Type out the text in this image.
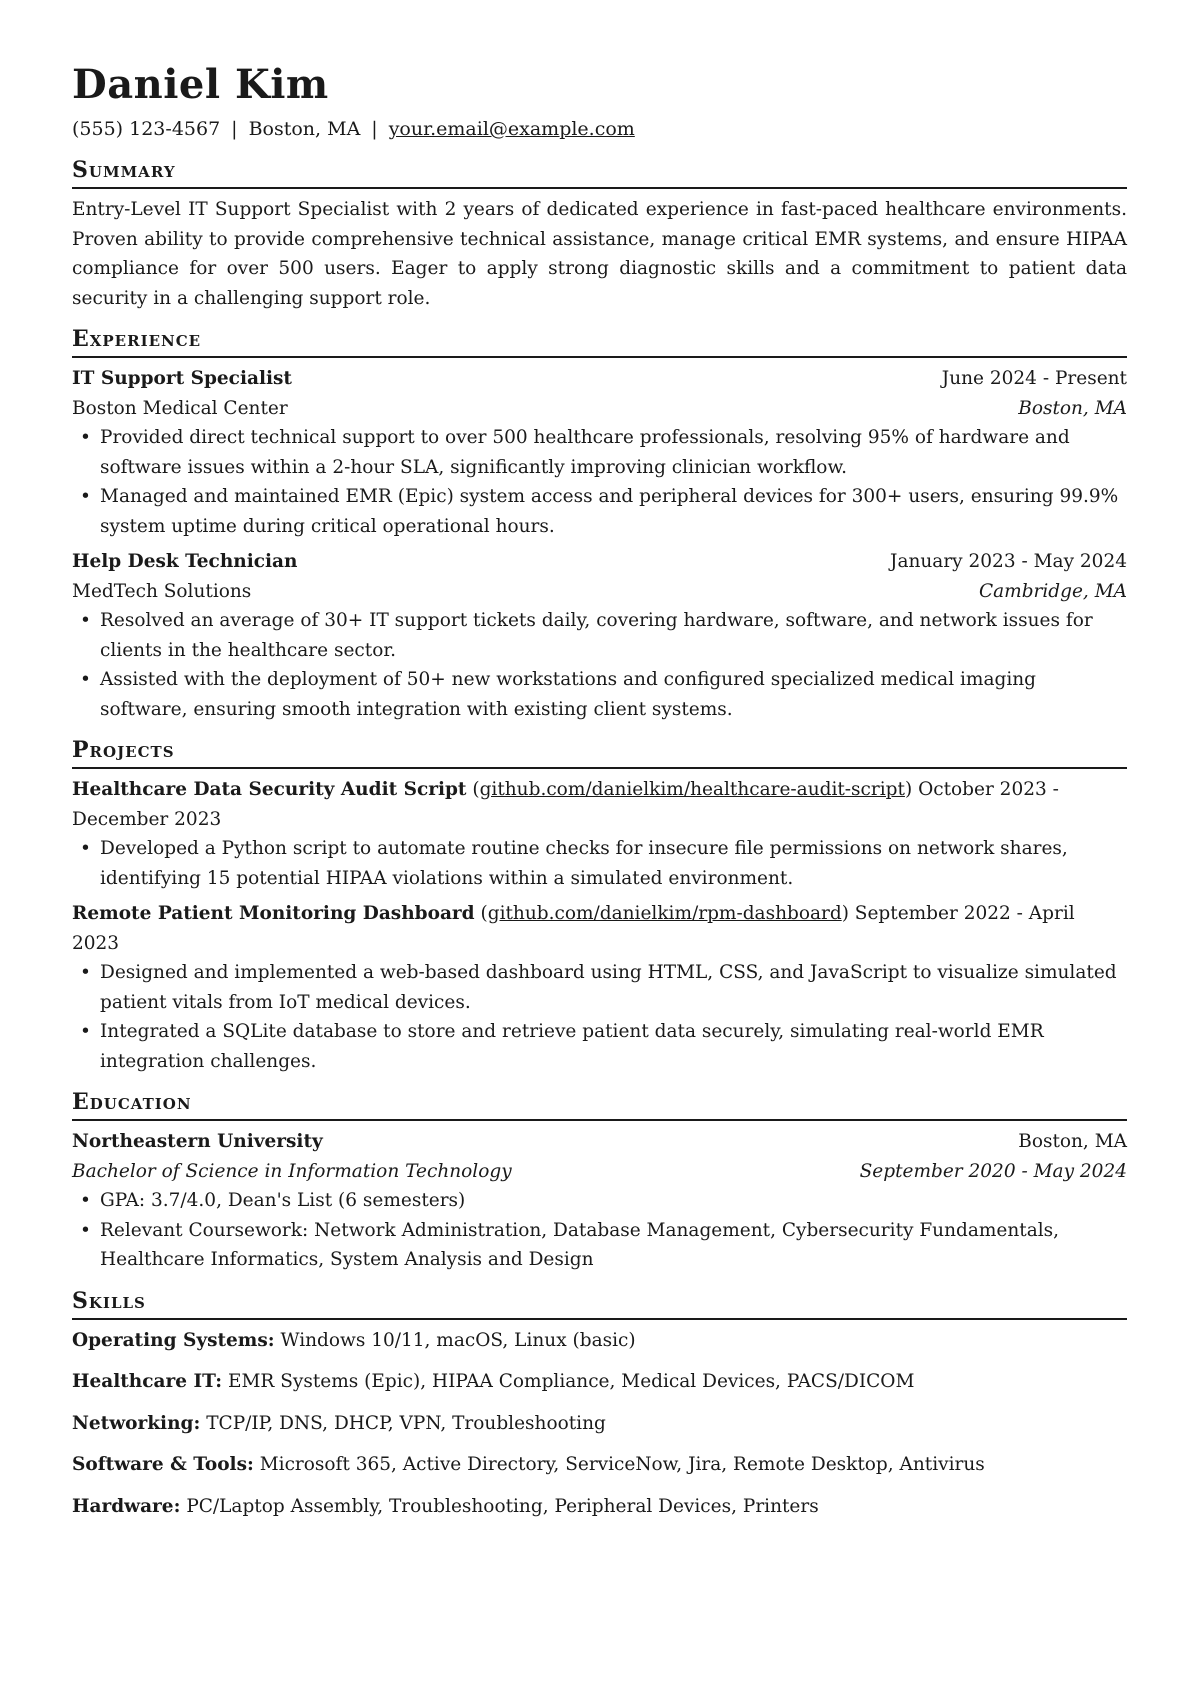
Daniel Kim
(555) 123-4567 | Boston, MA | your.email@example.com
Summary

Entry-Level IT Support Specialist with 2 years of dedicated experience in fast-paced healthcare environments. Proven ability to provide comprehensive technical assistance, manage critical EMR systems, and ensure HIPAA compliance for over 500 users. Eager to apply strong diagnostic skills and a commitment to patient data security in a challenging support role.

Experience
IT Support Specialist	June 2024 - Present
Boston Medical Center	Boston, MA
• Provided direct technical support to over 500 healthcare professionals, resolving 95% of hardware and software issues within a 2-hour SLA, significantly improving clinician workflow.
• Managed and maintained EMR (Epic) system access and peripheral devices for 300+ users, ensuring 99.9% system uptime during critical operational hours.
Help Desk Technician	January 2023 - May 2024
MedTech Solutions	Cambridge, MA
• Resolved an average of 30+ IT support tickets daily, covering hardware, software, and network issues for clients in the healthcare sector.
• Assisted with the deployment of 50+ new workstations and configured specialized medical imaging software, ensuring smooth integration with existing client systems.
Projects
Healthcare Data Security Audit Script (github.com/danielkim/healthcare-audit-script) October 2023 - December 2023
• Developed a Python script to automate routine checks for insecure file permissions on network shares, identifying 15 potential HIPAA violations within a simulated environment.
Remote Patient Monitoring Dashboard (github.com/danielkim/rpm-dashboard) September 2022 - April 2023
• Designed and implemented a web-based dashboard using HTML, CSS, and JavaScript to visualize simulated patient vitals from IoT medical devices.
• Integrated a SQLite database to store and retrieve patient data securely, simulating real-world EMR integration challenges.
Education
Northeastern University	Boston, MA
Bachelor of Science in Information Technology	September 2020 - May 2024
• GPA: 3.7/4.0, Dean's List (6 semesters)
• Relevant Coursework: Network Administration, Database Management, Cybersecurity Fundamentals, Healthcare Informatics, System Analysis and Design
Skills
Operating Systems: Windows 10/11, macOS, Linux (basic)
Healthcare IT: EMR Systems (Epic), HIPAA Compliance, Medical Devices, PACS/DICOM
Networking: TCP/IP, DNS, DHCP, VPN, Troubleshooting
Software & Tools: Microsoft 365, Active Directory, ServiceNow, Jira, Remote Desktop, Antivirus
Hardware: PC/Laptop Assembly, Troubleshooting, Peripheral Devices, Printers
